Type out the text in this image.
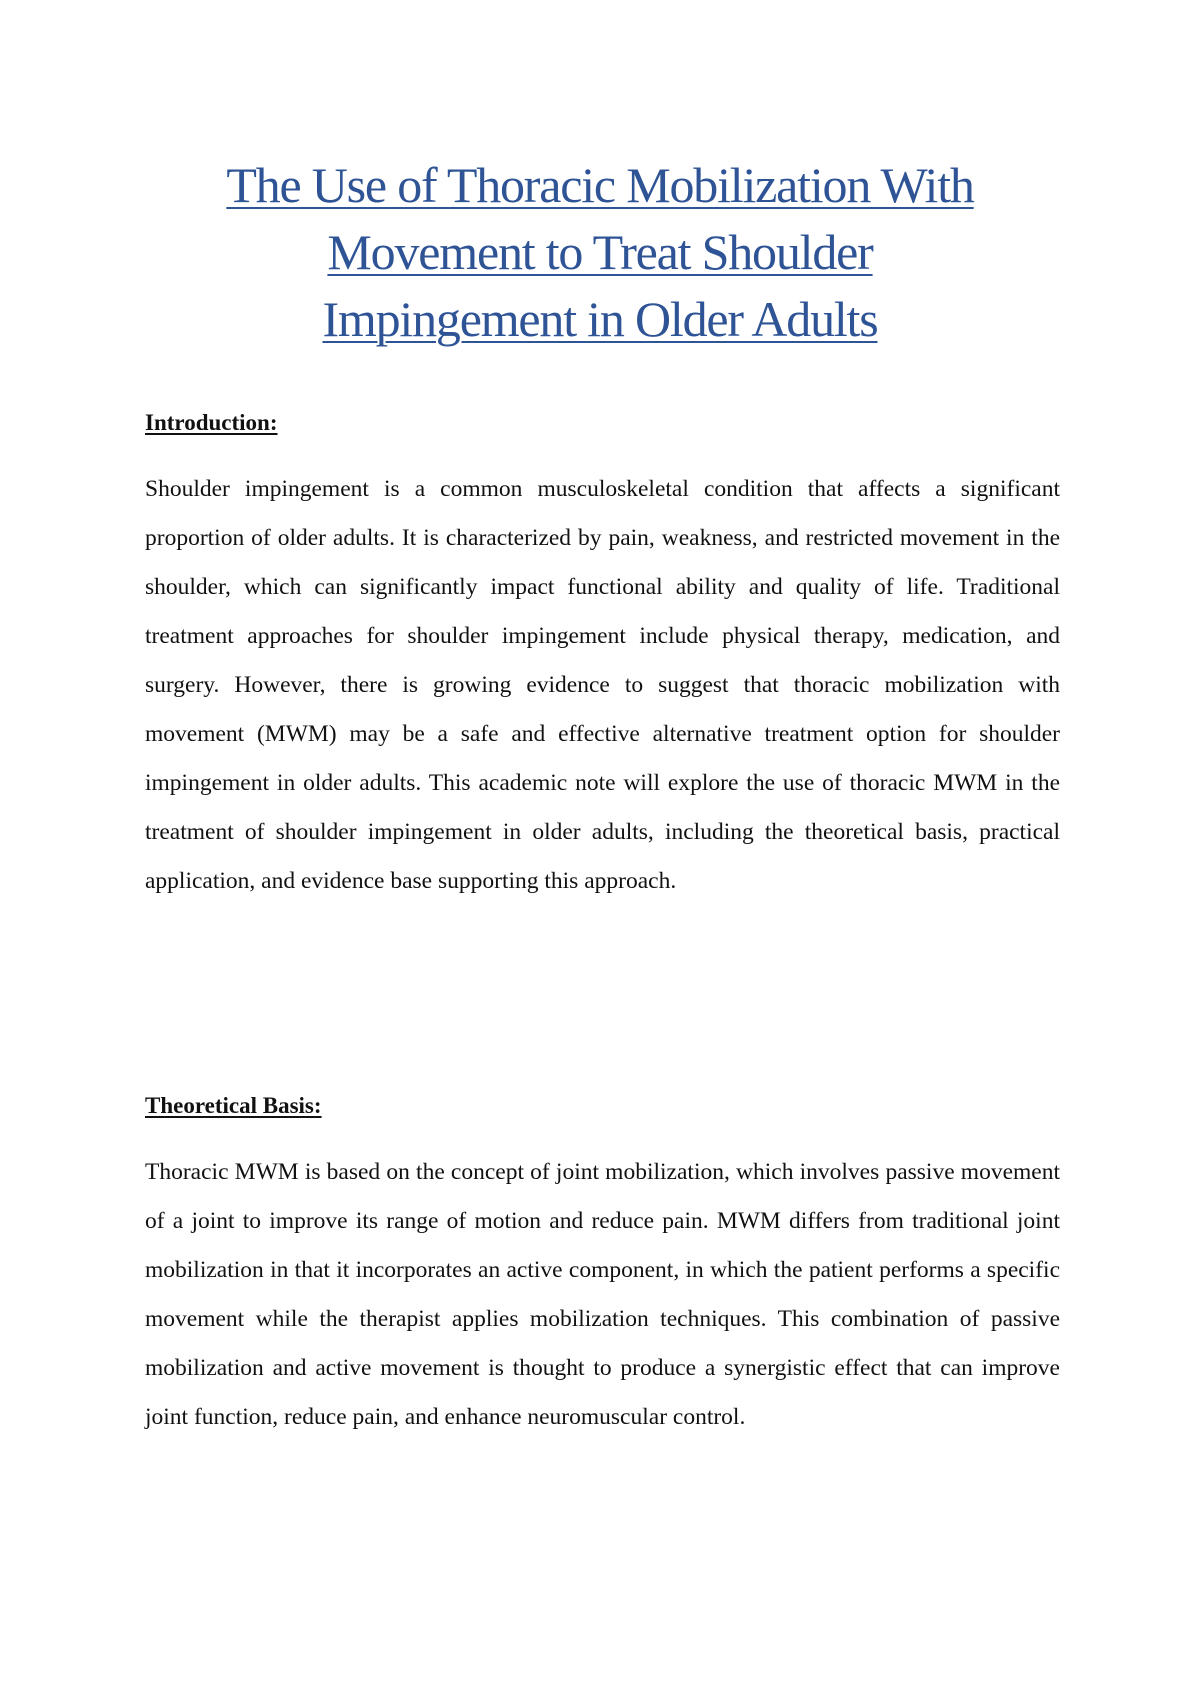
The Use of Thoracic Mobilization With
Movement to Treat Shoulder
Impingement in Older Adults
Introduction:

Shoulder impingement is a common musculoskeletal condition that affects a significant proportion of older adults. It is characterized by pain, weakness, and restricted movement in the shoulder, which can significantly impact functional ability and quality of life. Traditional treatment approaches for shoulder impingement include physical therapy, medication, and surgery. However, there is growing evidence to suggest that thoracic mobilization with movement (MWM) may be a safe and effective alternative treatment option for shoulder impingement in older adults. This academic note will explore the use of thoracic MWM in the treatment of shoulder impingement in older adults, including the theoretical basis, practical application, and evidence base supporting this approach.

Theoretical Basis:

Thoracic MWM is based on the concept of joint mobilization, which involves passive movement of a joint to improve its range of motion and reduce pain. MWM differs from traditional joint mobilization in that it incorporates an active component, in which the patient performs a specific movement while the therapist applies mobilization techniques. This combination of passive mobilization and active movement is thought to produce a synergistic effect that can improve joint function, reduce pain, and enhance neuromuscular control.
